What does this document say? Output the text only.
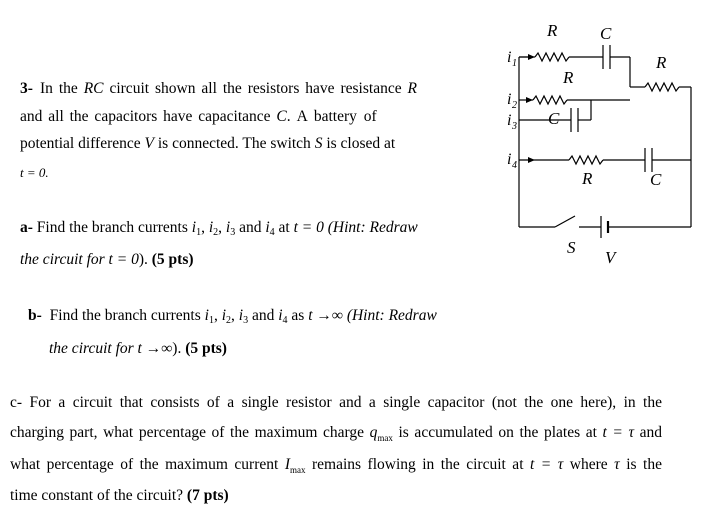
3- In the RC circuit shown all the resistors have resistance R
and all the capacitors have capacitance C. A battery of
potential difference V is connected. The switch S is closed at
t = 0.
a- Find the branch currents $i_1$, $i_2$, $i_3$ and $i_4$ at t = 0 (Hint: Redraw
the circuit for t = 0). (5 pts)
b- Find the branch currents $i_1$, $i_2$, $i_3$ and $i_4$ as t →∞ (Hint: Redraw
the circuit for t →∞). (5 pts)
c- For a circuit that consists of a single resistor and a single capacitor (not the one here), in the
charging part, what percentage of the maximum charge $q_{max}$ is accumulated on the plates at t = τ and
what percentage of the maximum current $I_{max}$ remains flowing in the circuit at t = τ where τ is the
time constant of the circuit? (7 pts)
R	C
R
R
C
R	C
S
V
i 1
i 2
i 3
i 4
